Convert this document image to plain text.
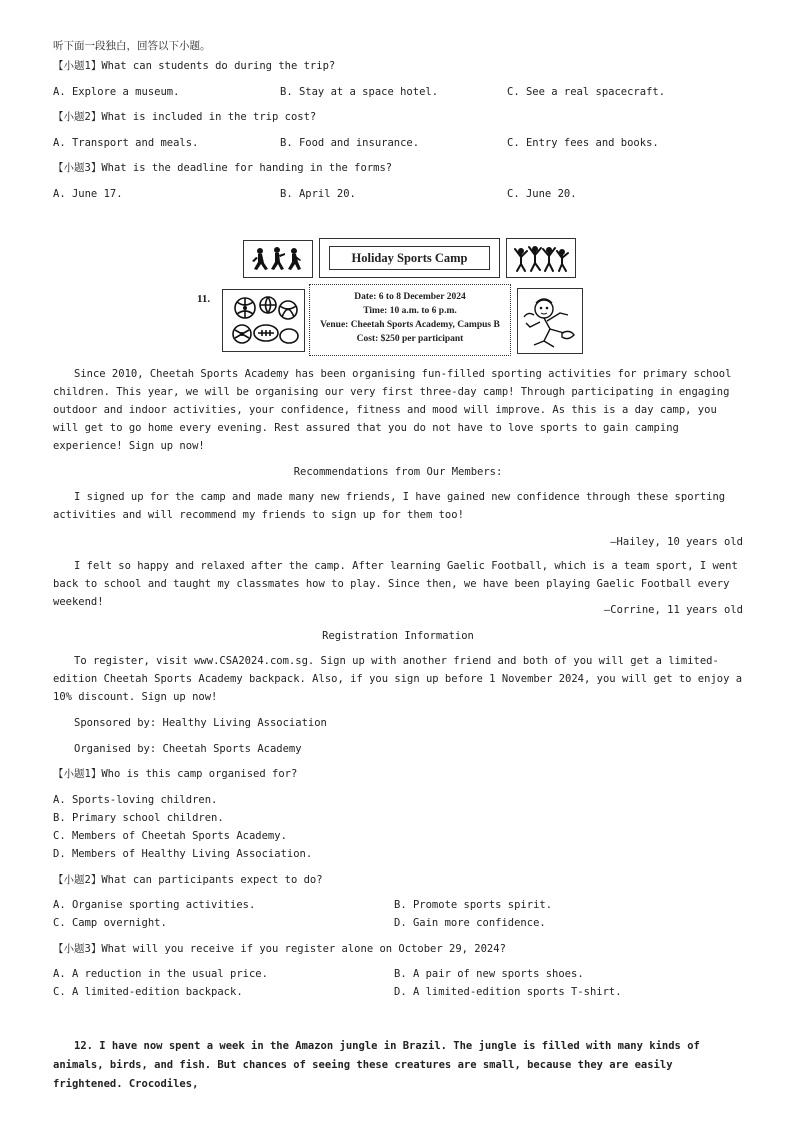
听下面一段独白，回答以下小题。
【小题1】What can students do during the trip?
A. Explore a museum.	B. Stay at a space hotel.	C. See a real spacecraft.
【小题2】What is included in the trip cost?
A. Transport and meals.	B. Food and insurance.	C. Entry fees and books.
【小题3】What is the deadline for handing in the forms?
A. June 17.	B. April 20.	C. June 20.
11.
Holiday Sports Camp
Date: 6 to 8 December 2024
Time: 10 a.m. to 6 p.m.
Venue: Cheetah Sports Academy, Campus B
Cost: $250 per participant
Since 2010, Cheetah Sports Academy has been organising fun-filled sporting activities for primary school children. This year, we will be organising our very first three-day camp! Through participating in engaging outdoor and indoor activities, your confidence, fitness and mood will improve. As this is a day camp, you will get to go home every evening. Rest assured that you do not have to love sports to gain camping experience! Sign up now!
Recommendations from Our Members:
I signed up for the camp and made many new friends, I have gained new confidence through these sporting activities and will recommend my friends to sign up for them too!
—Hailey, 10 years old
I felt so happy and relaxed after the camp. After learning Gaelic Football, which is a team sport, I went back to school and taught my classmates how to play. Since then, we have been playing Gaelic Football every weekend!
—Corrine, 11 years old
Registration Information
To register, visit www.CSA2024.com.sg. Sign up with another friend and both of you will get a limited-edition Cheetah Sports Academy backpack. Also, if you sign up before 1 November 2024, you will get to enjoy a 10% discount. Sign up now!
Sponsored by: Healthy Living Association
Organised by: Cheetah Sports Academy
【小题1】Who is this camp organised for?
A. Sports-loving children.
B. Primary school children.
C. Members of Cheetah Sports Academy.
D. Members of Healthy Living Association.
【小题2】What can participants expect to do?
A. Organise sporting activities.	B. Promote sports spirit.
C. Camp overnight.	D. Gain more confidence.
【小题3】What will you receive if you register alone on October 29, 2024?
A. A reduction in the usual price.	B. A pair of new sports shoes.
C. A limited-edition backpack.	D. A limited-edition sports T-shirt.
12. I have now spent a week in the Amazon jungle in Brazil. The jungle is filled with many kinds of animals, birds, and fish. But chances of seeing these creatures are small, because they are easily frightened. Crocodiles,
